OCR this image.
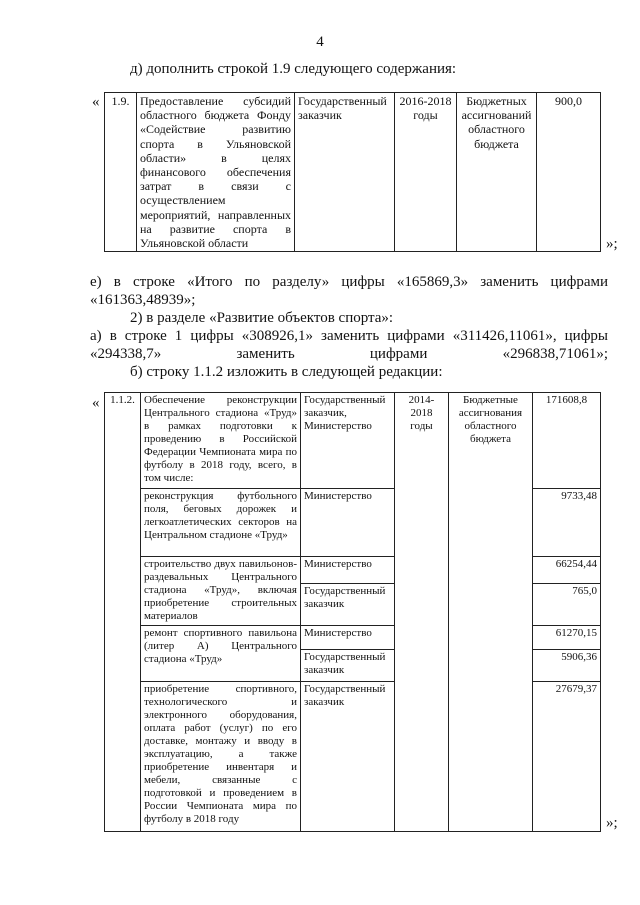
4
д) дополнить строкой 1.9 следующего содержания:
« 1.9.	Предоставление субсидий областного бюджета Фонду «Содействие развитию спорта в Ульяновской области» в целях финансового обеспечения затрат в связи с осуществлением мероприятий, направленных на развитие спорта в Ульяновской области	Государственный заказчик	2016-2018 годы	Бюджетных ассигнований областного бюджета	900,0
»;
е) в строке «Итого по разделу» цифры «165869,3» заменить цифрами «161363,48939»;
2) в разделе «Развитие объектов спорта»:
а) в строке 1 цифры «308926,1» заменить цифрами «311426,11061», цифры «294338,7» заменить цифрами «296838,71061»;
б) строку 1.1.2 изложить в следующей редакции:
« 1.1.2.	Обеспечение реконструкции Центрального стадиона «Труд» в рамках подготовки к проведению в Российской Федерации Чемпионата мира по футболу в 2018 году, всего, в том числе:	Государственный заказчик, Министерство	2014-2018 годы	Бюджетные ассигнования областного бюджета	171608,8
	реконструкция футбольного поля, беговых дорожек и легкоатлетических секторов на Центральном стадионе «Труд»	Министерство			9733,48
	строительство двух павильонов-раздевальных Центрального стадиона «Труд», включая приобретение строительных материалов	Министерство			66254,44
		Государственный заказчик			765,0
	ремонт спортивного павильона (литер А) Центрального стадиона «Труд»	Министерство			61270,15
		Государственный заказчик			5906,36
	приобретение спортивного, технологического и электронного оборудования, оплата работ (услуг) по его доставке, монтажу и вводу в эксплуатацию, а также приобретение инвентаря и мебели, связанные с подготовкой и проведением в России Чемпионата мира по футболу в 2018 году	Государственный заказчик			27679,37
»;
